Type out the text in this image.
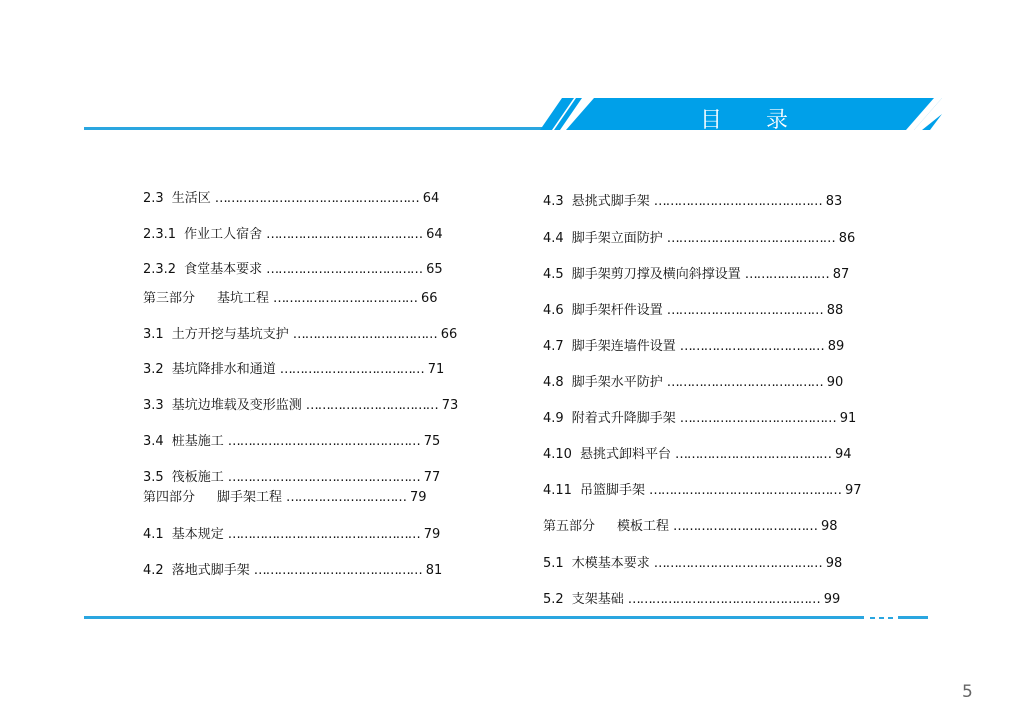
目　　录
2.3 生活区 …………………………………………… 64
2.3.1 作业工人宿舍 ………………………………… 64
2.3.2 食堂基本要求 ………………………………… 65
第三部分 基坑工程 ……………………………… 66
3.1 土方开挖与基坑支护 ……………………………… 66
3.2 基坑降排水和通道 ……………………………… 71
3.3 基坑边堆载及变形监测 …………………………… 73
3.4 桩基施工 ………………………………………… 75
3.5 筏板施工 ………………………………………… 77
第四部分 脚手架工程 ………………………… 79
4.1 基本规定 ………………………………………… 79
4.2 落地式脚手架 …………………………………… 81
4.3 悬挑式脚手架 …………………………………… 83
4.4 脚手架立面防护 …………………………………… 86
4.5 脚手架剪刀撑及横向斜撑设置 ………………… 87
4.6 脚手架杆件设置 ………………………………… 88
4.7 脚手架连墙件设置 ……………………………… 89
4.8 脚手架水平防护 ………………………………… 90
4.9 附着式升降脚手架 ………………………………… 91
4.10 悬挑式卸料平台 ………………………………… 94
4.11 吊篮脚手架 ………………………………………… 97
第五部分 模板工程 ……………………………… 98
5.1 木模基本要求 …………………………………… 98
5.2 支架基础 ………………………………………… 99
5
